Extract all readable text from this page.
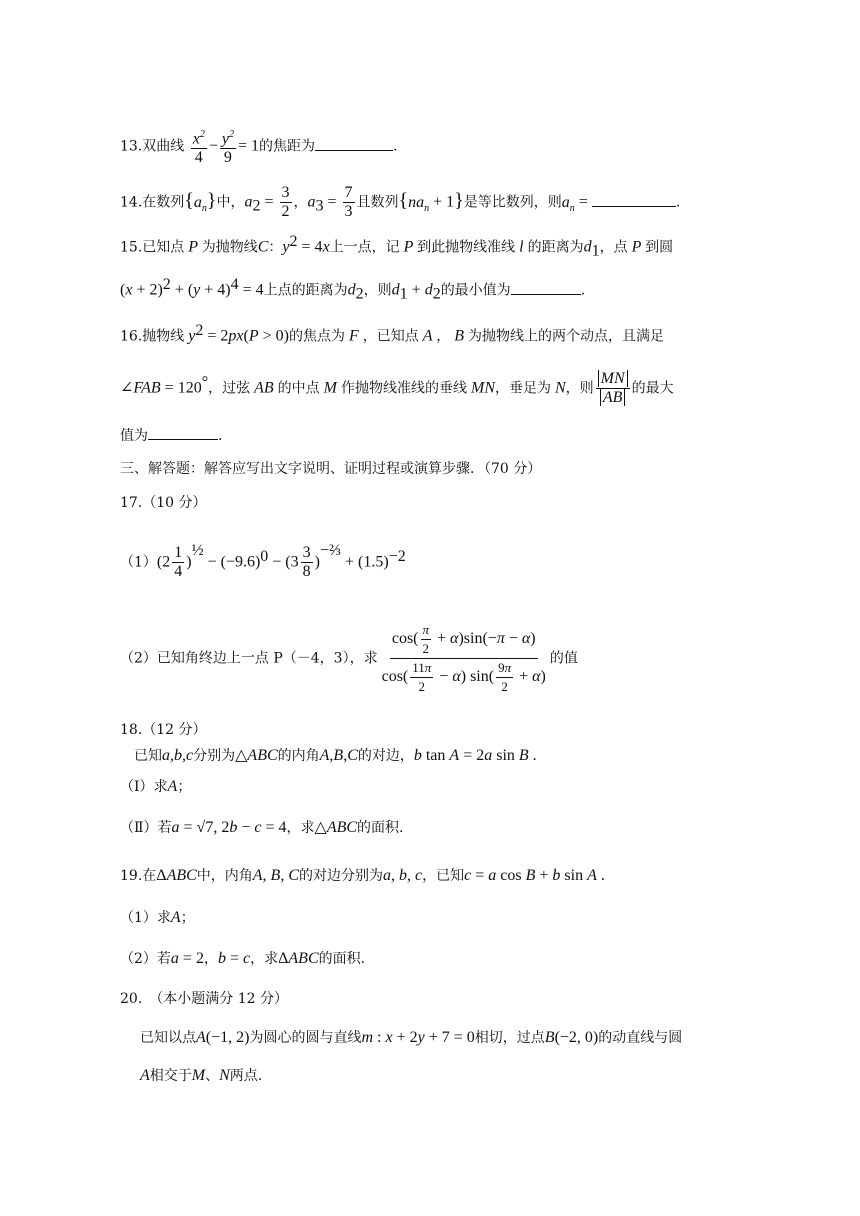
13.双曲线 $\frac{x^2}{4} - \frac{y^2}{9} = 1$的焦距为	.
14.在数列$\{a_n\}$中，$a_2 = \frac{3}{2}$ ，$a_3 = \frac{7}{3}$ 且数列$\{na_n + 1\}$是等比数列，则$a_n$ =	.
15.已知点 P 为抛物线C：$y^2 = 4x$上一点，记 P 到此抛物线准线 l 的距离为$d_1$，点 P 到圆
$(x + 2)^2 + (y + 4)^4 = 4$上点的距离为$d_2$，则$d_1 + d_2$的最小值为	.
16.抛物线 $y^2 = 2px(P > 0)$的焦点为 F ，已知点 A ， B 为抛物线上的两个动点，且满足
∠FAB = 120°，过弦 AB 的中点 M 作抛物线准线的垂线 MN，垂足为 N，则 $\frac{MN}{AB}$ 的最大
值为	.
三、解答题：解答应写出文字说明、证明过程或演算步骤．（70 分）
17.（10 分）
$(1)(2 \frac{1}{4} )^{\frac{1}{2}} - (-9.6)^0 - (3 \frac{3}{8} )^{-\frac{2}{3}} + (1.5)^{-2}$
（2）已知角终边上一点 P（－4，3），求 $\frac{\cos( \frac{\pi}{2} + \alpha)\sin(-\pi - \alpha)}{\cos( \frac{11\pi}{2} - \alpha) \sin( \frac{9\pi}{2} + \alpha)}$ 的值
18.（12 分）
已知a,b,c分别为△ABC的内角A,B,C的对边，b tan A = 2a sin B .
（Ⅰ）求A；
（Ⅱ）若a = √7, 2b − c = 4，求△ABC的面积.
19.在ΔABC中，内角A, B, C的对边分别为a, b, c，已知c = a cos B + b sin A .
（1）求A；
（2）若a = 2，b = c，求ΔABC的面积.
20.　（本小题满分 12 分）
已知以点A(−1, 2)为圆心的圆与直线m : x + 2y + 7 = 0相切，过点B(−2, 0)的动直线与圆
A相交于M、N两点.
